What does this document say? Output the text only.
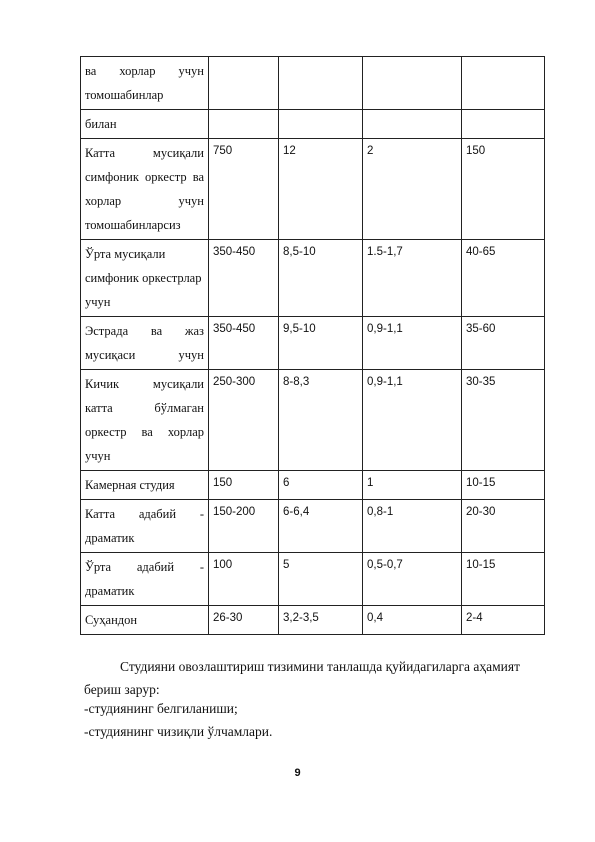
ва хорлар учун томошабинлар				
билан				
Катта мусиқали симфоник оркестр ва хорлар учун томошабинларсиз	750	12	2	150
Ўрта мусиқали симфоник оркестрлар учун	350-450	8,5-10	1.5-1,7	40-65
Эстрада ва жаз мусиқаси учун	350-450	9,5-10	0,9-1,1	35-60
Кичик мусиқали катта бўлмаган оркестр ва хорлар учун	250-300	8-8,3	0,9-1,1	30-35
Камерная студия	150	6	1	10-15
Катта адабий - драматик	150-200	6-6,4	0,8-1	20-30
Ўрта адабий - драматик	100	5	0,5-0,7	10-15
Суҳандон	26-30	3,2-3,5	0,4	2-4
Студияни овозлаштириш тизимини танлашда қуйидагиларга аҳамият бериш зарур:
-студиянинг белгиланиши;
-студиянинг чизиқли ўлчамлари.
9
